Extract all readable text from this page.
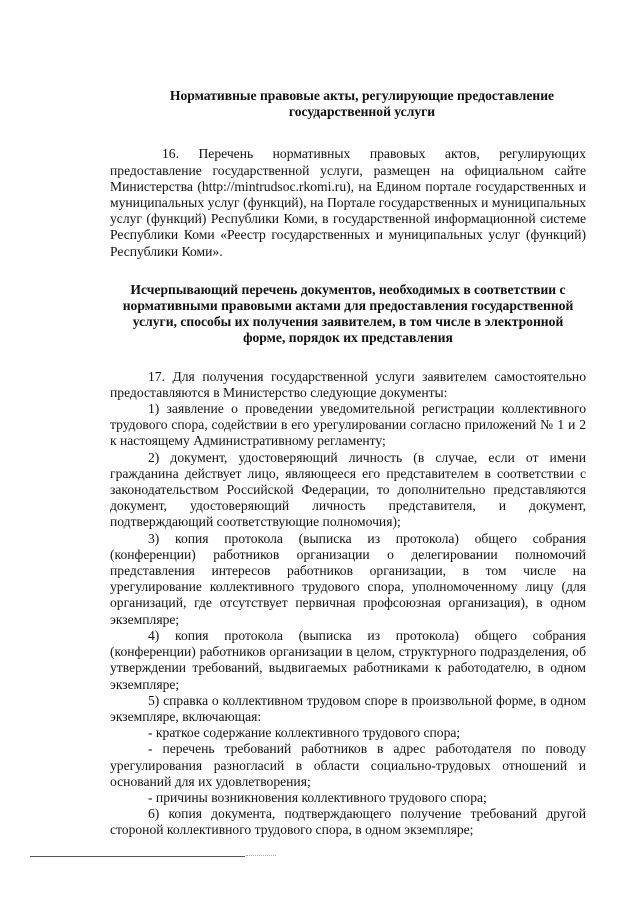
Нормативные правовые акты, регулирующие предоставление государственной услуги

16. Перечень нормативных правовых актов, регулирующих предоставление государственной услуги, размещен на официальном сайте Министерства (http://mintrudsoc.rkomi.ru), на Едином портале государственных и муниципальных услуг (функций), на Портале государственных и муниципальных услуг (функций) Республики Коми, в государственной информационной системе Республики Коми «Реестр государственных и муниципальных услуг (функций) Республики Коми».

Исчерпывающий перечень документов, необходимых в соответствии с нормативными правовыми актами для предоставления государственной услуги, способы их получения заявителем, в том числе в электронной форме, порядок их представления

17. Для получения государственной услуги заявителем самостоятельно предоставляются в Министерство следующие документы:

1) заявление о проведении уведомительной регистрации коллективного трудового спора, содействии в его урегулировании согласно приложений № 1 и 2 к настоящему Административному регламенту;

2) документ, удостоверяющий личность (в случае, если от имени гражданина действует лицо, являющееся его представителем в соответствии с законодательством Российской Федерации, то дополнительно представляются документ, удостоверяющий личность представителя, и документ, подтверждающий соответствующие полномочия);

3) копия протокола (выписка из протокола) общего собрания (конференции) работников организации о делегировании полномочий представления интересов работников организации, в том числе на урегулирование коллективного трудового спора, уполномоченному лицу (для организаций, где отсутствует первичная профсоюзная организация), в одном экземпляре;

4) копия протокола (выписка из протокола) общего собрания (конференции) работников организации в целом, структурного подразделения, об утверждении требований, выдвигаемых работниками к работодателю, в одном экземпляре;

5) справка о коллективном трудовом споре в произвольной форме, в одном экземпляре, включающая:

- краткое содержание коллективного трудового спора;

- перечень требований работников в адрес работодателя по поводу урегулирования разногласий в области социально-трудовых отношений и оснований для их удовлетворения;

- причины возникновения коллективного трудового спора;

6) копия документа, подтверждающего получение требований другой стороной коллективного трудового спора, в одном экземпляре;
